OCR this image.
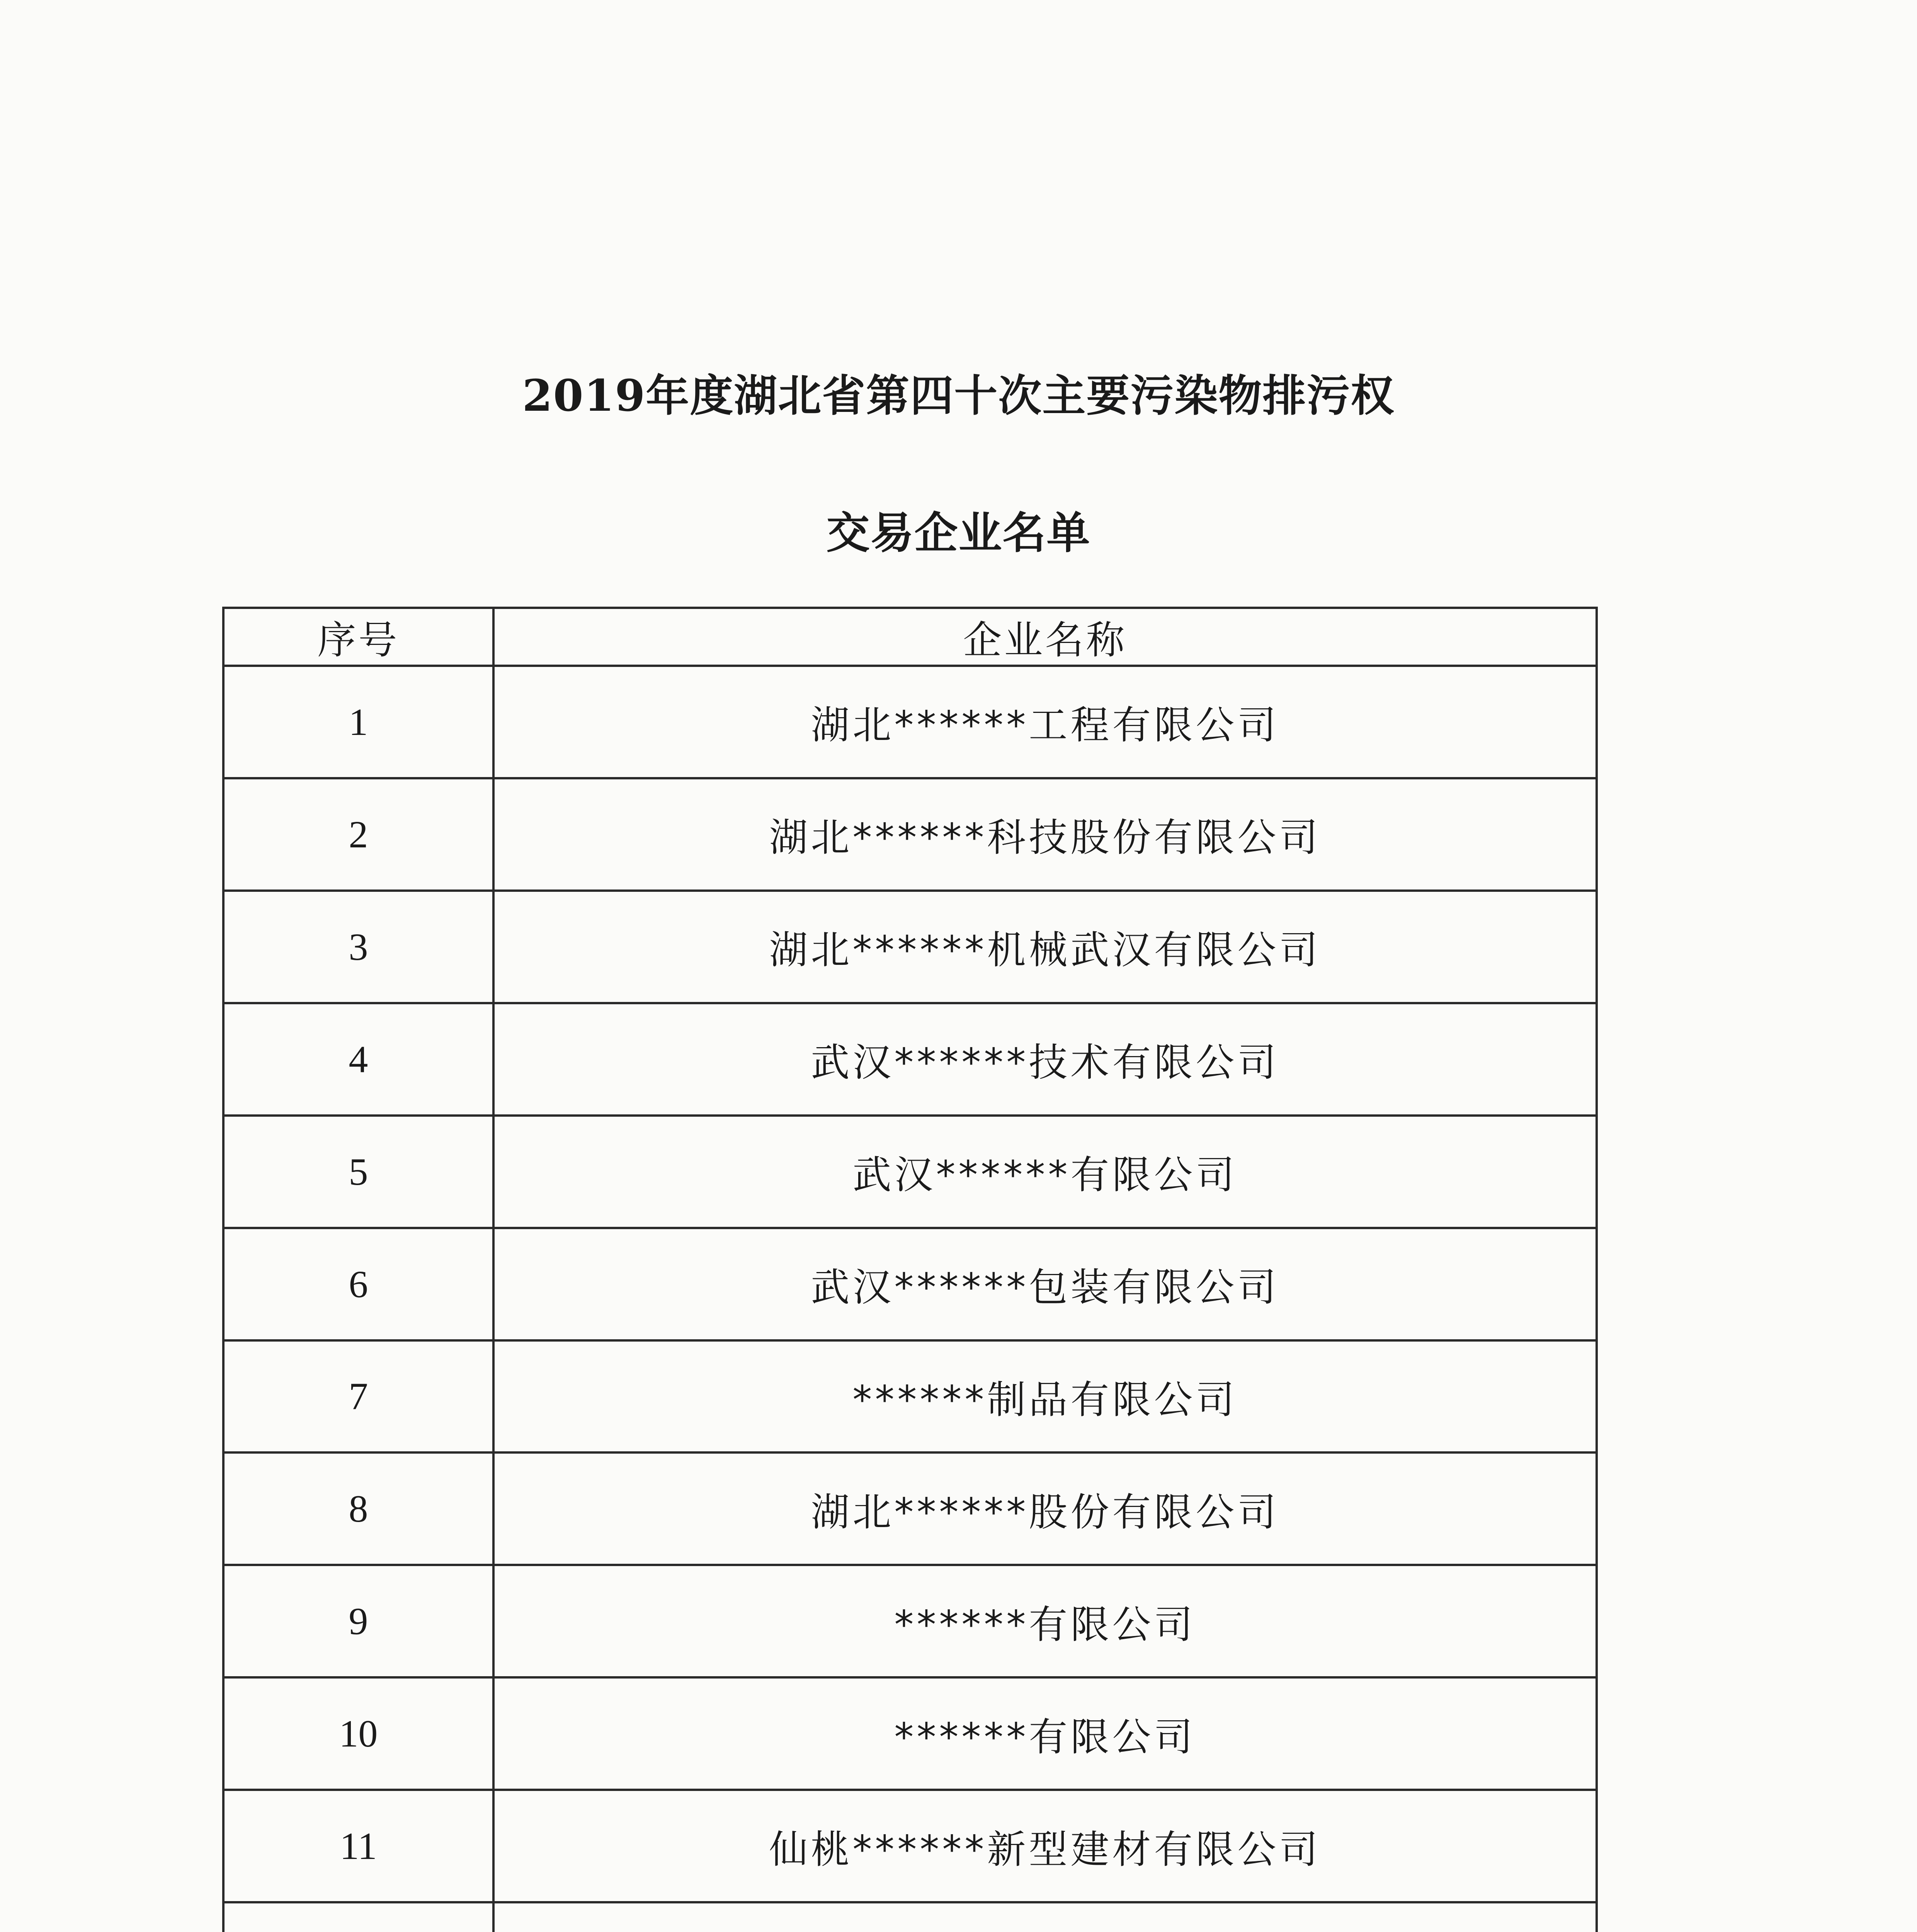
2019年度湖北省第四十次主要污染物排污权
交易企业名单
序号	企业名称
1	湖北******工程有限公司
2	湖北******科技股份有限公司
3	湖北******机械武汉有限公司
4	武汉******技术有限公司
5	武汉******有限公司
6	武汉******包装有限公司
7	******制品有限公司
8	湖北******股份有限公司
9	******有限公司
10	******有限公司
11	仙桃******新型建材有限公司
